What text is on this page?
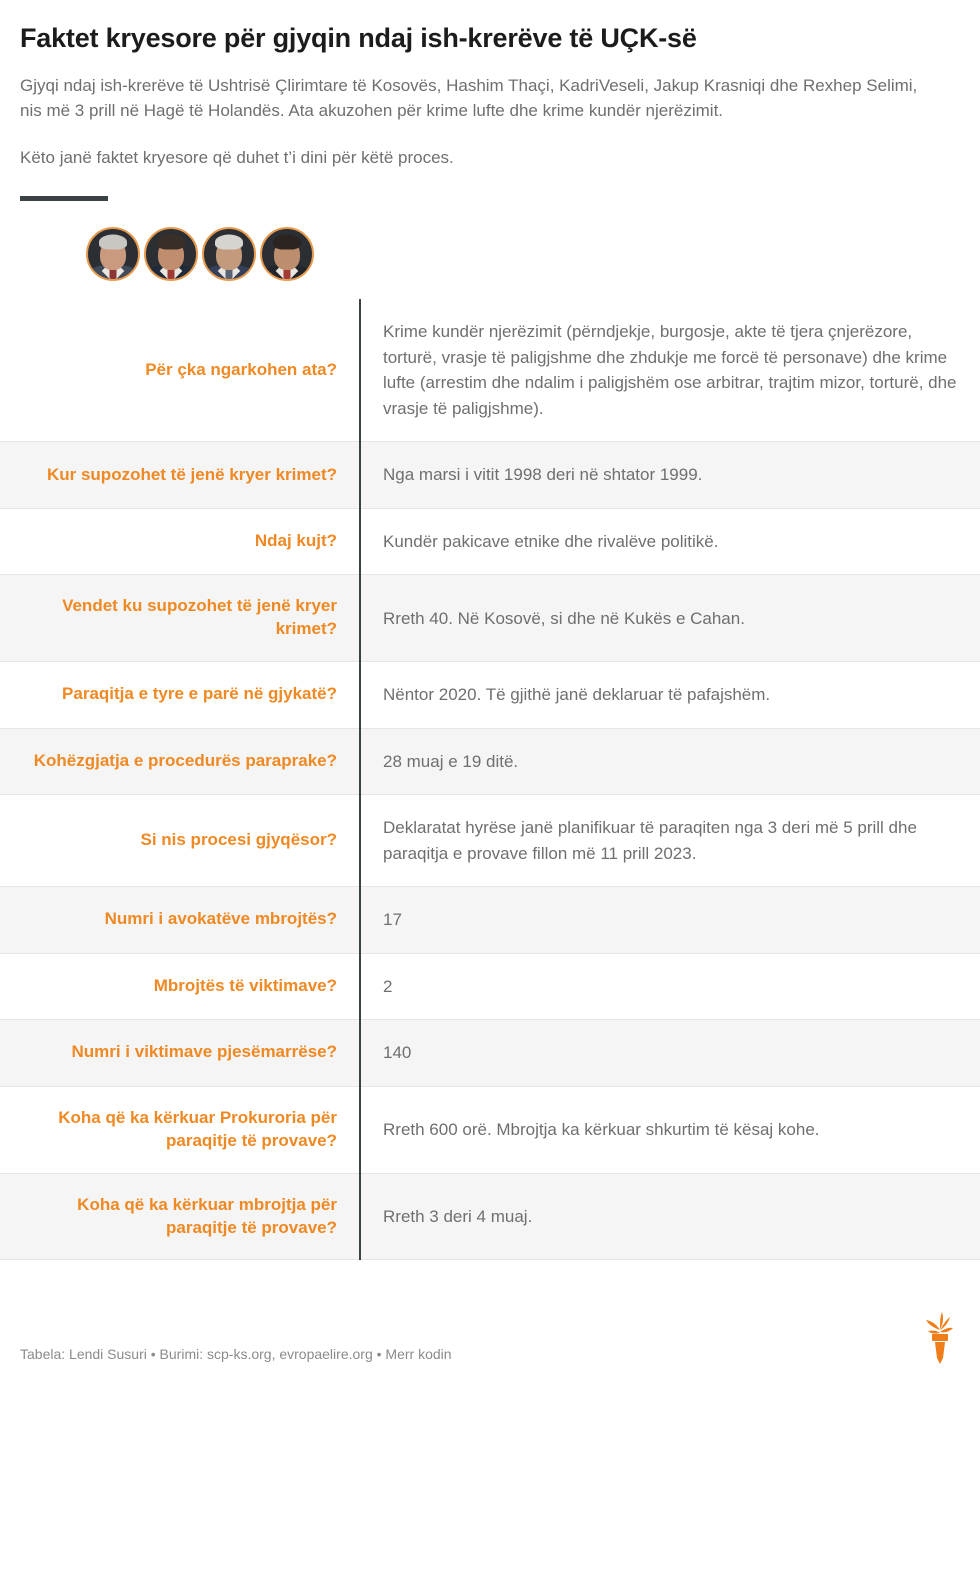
Faktet kryesore për gjyqin ndaj ish-krerëve të UÇK-së

Gjyqi ndaj ish-krerëve të Ushtrisë Çlirimtare të Kosovës, Hashim Thaçi, KadriVeseli, Jakup Krasniqi dhe Rexhep Selimi, nis më 3 prill në Hagë të Holandës. Ata akuzohen për krime lufte dhe krime kundër njerëzimit.

Këto janë faktet kryesore që duhet t’i dini për këtë proces.

Për çka ngarkohen ata?	Krime kundër njerëzimit (përndjekje, burgosje, akte të tjera çnjerëzore, torturë, vrasje të paligjshme dhe zhdukje me forcë të personave) dhe krime lufte (arrestim dhe ndalim i paligjshëm ose arbitrar, trajtim mizor, torturë, dhe vrasje të paligjshme).
Kur supozohet të jenë kryer krimet?	Nga marsi i vitit 1998 deri në shtator 1999.
Ndaj kujt?	Kundër pakicave etnike dhe rivalëve politikë.
Vendet ku supozohet të jenë kryer krimet?	Rreth 40. Në Kosovë, si dhe në Kukës e Cahan.
Paraqitja e tyre e parë në gjykatë?	Nëntor 2020. Të gjithë janë deklaruar të pafajshëm.
Kohëzgjatja e procedurës paraprake?	28 muaj e 19 ditë.
Si nis procesi gjyqësor?	Deklaratat hyrëse janë planifikuar të paraqiten nga 3 deri më 5 prill dhe paraqitja e provave fillon më 11 prill 2023.
Numri i avokatëve mbrojtës?	17
Mbrojtës të viktimave?	2
Numri i viktimave pjesëmarrëse?	140
Koha që ka kërkuar Prokuroria për paraqitje të provave?	Rreth 600 orë. Mbrojtja ka kërkuar shkurtim të kësaj kohe.
Koha që ka kërkuar mbrojtja për paraqitje të provave?	Rreth 3 deri 4 muaj.
Tabela: Lendi Susuri • Burimi: scp-ks.org, evropaelire.org • Merr kodin
